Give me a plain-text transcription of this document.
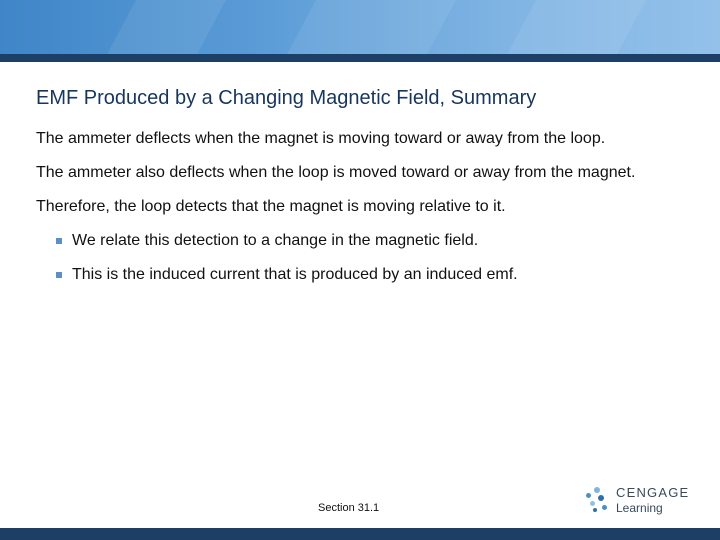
EMF Produced by a Changing Magnetic Field, Summary

The ammeter deflects when the magnet is moving toward or away from the loop.

The ammeter also deflects when the loop is moved toward or away from the magnet.

Therefore, the loop detects that the magnet is moving relative to it.

We relate this detection to a change in the magnetic field.
This is the induced current that is produced by an induced emf.
Section 31.1
CENGAGE
Learning
